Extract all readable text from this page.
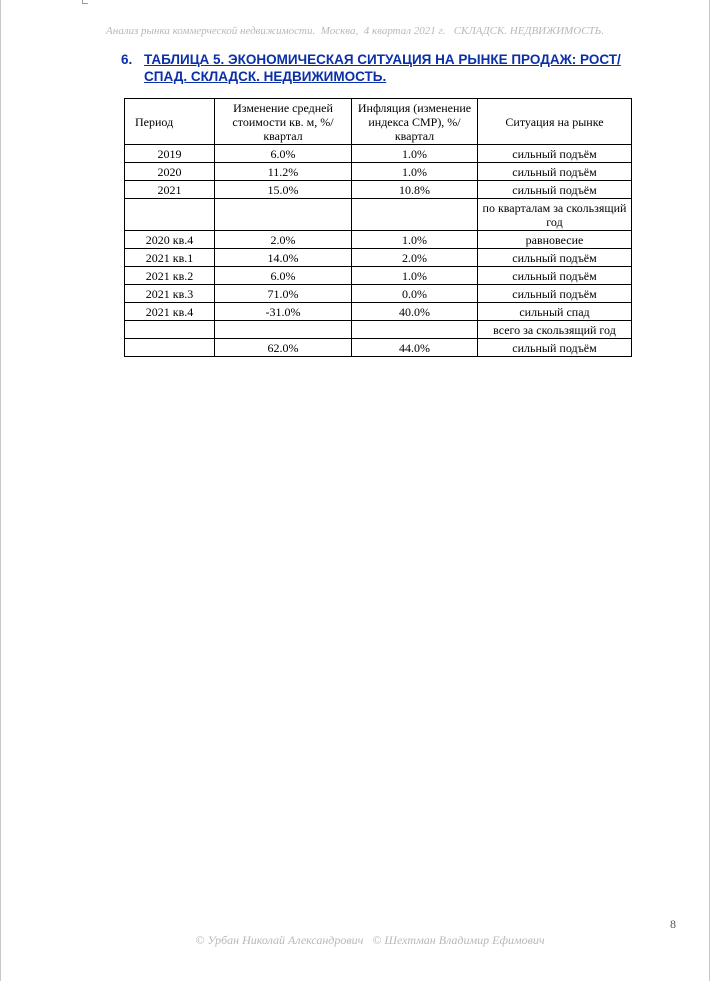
Анализ рынка коммерческой недвижимости.  Москва,  4 квартал 2021 г.   СКЛАДСК. НЕДВИЖИМОСТЬ.
6. ТАБЛИЦА 5. ЭКОНОМИЧЕСКАЯ СИТУАЦИЯ НА РЫНКЕ ПРОДАЖ: РОСТ/СПАД. СКЛАДСК. НЕДВИЖИМОСТЬ.
Период	Изменение средней стоимости кв. м, %/квартал	Инфляция (изменение индекса СМР), %/квартал	Ситуация на рынке
2019	6.0%	1.0%	сильный подъём
2020	11.2%	1.0%	сильный подъём
2021	15.0%	10.8%	сильный подъём
			по кварталам за скользящий год
2020 кв.4	2.0%	1.0%	равновесие
2021 кв.1	14.0%	2.0%	сильный подъём
2021 кв.2	6.0%	1.0%	сильный подъём
2021 кв.3	71.0%	0.0%	сильный подъём
2021 кв.4	-31.0%	40.0%	сильный спад
			всего за скользящий год
	62.0%	44.0%	сильный подъём
8
© Урбан Николай Александрович   © Шехтман Владимир Ефимович
